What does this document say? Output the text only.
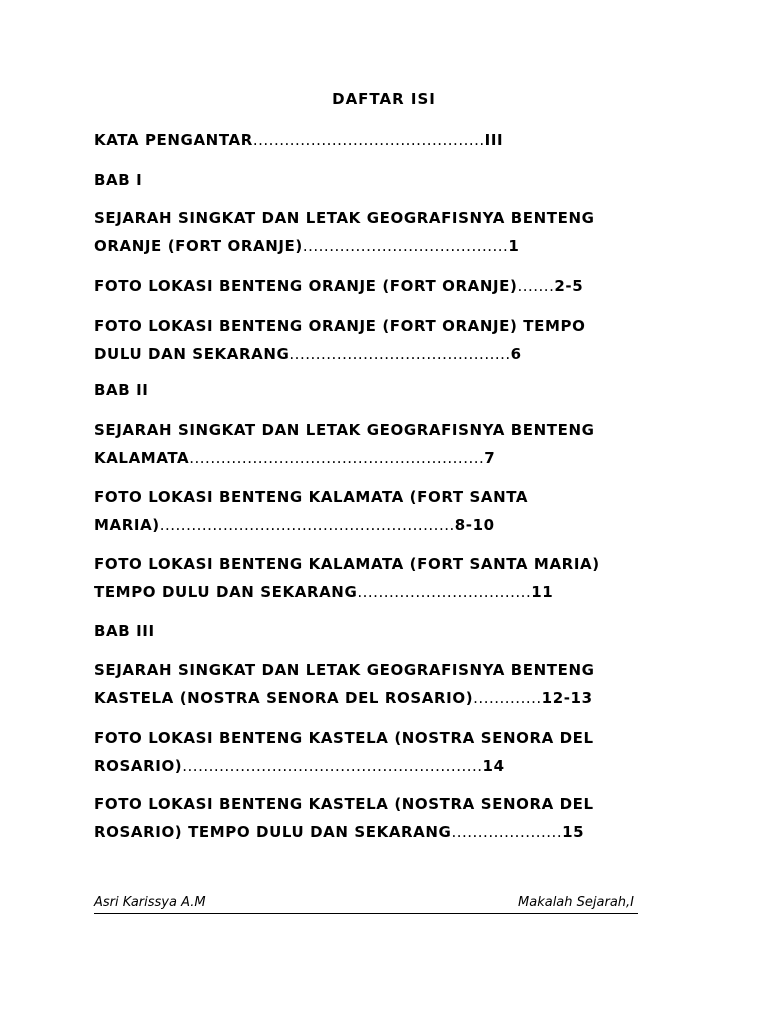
DAFTAR ISI
KATA PENGANTAR............................................III
BAB I
SEJARAH SINGKAT DAN LETAK GEOGRAFISNYA BENTENG
ORANJE (FORT ORANJE).......................................1
FOTO LOKASI BENTENG ORANJE (FORT ORANJE).......2-5
FOTO LOKASI BENTENG ORANJE (FORT ORANJE) TEMPO
DULU DAN SEKARANG..........................................6
BAB II
SEJARAH SINGKAT DAN LETAK GEOGRAFISNYA BENTENG
KALAMATA........................................................7
FOTO LOKASI BENTENG KALAMATA (FORT SANTA
MARIA)........................................................8-10
FOTO LOKASI BENTENG KALAMATA (FORT SANTA MARIA)
TEMPO DULU DAN SEKARANG.................................11
BAB III
SEJARAH SINGKAT DAN LETAK GEOGRAFISNYA BENTENG
KASTELA (NOSTRA SENORA DEL ROSARIO).............12-13
FOTO LOKASI BENTENG KASTELA (NOSTRA SENORA DEL
ROSARIO).........................................................14
FOTO LOKASI BENTENG KASTELA (NOSTRA SENORA DEL
ROSARIO) TEMPO DULU DAN SEKARANG.....................15
Asri Karissya A.M	Makalah Sejarah,I
